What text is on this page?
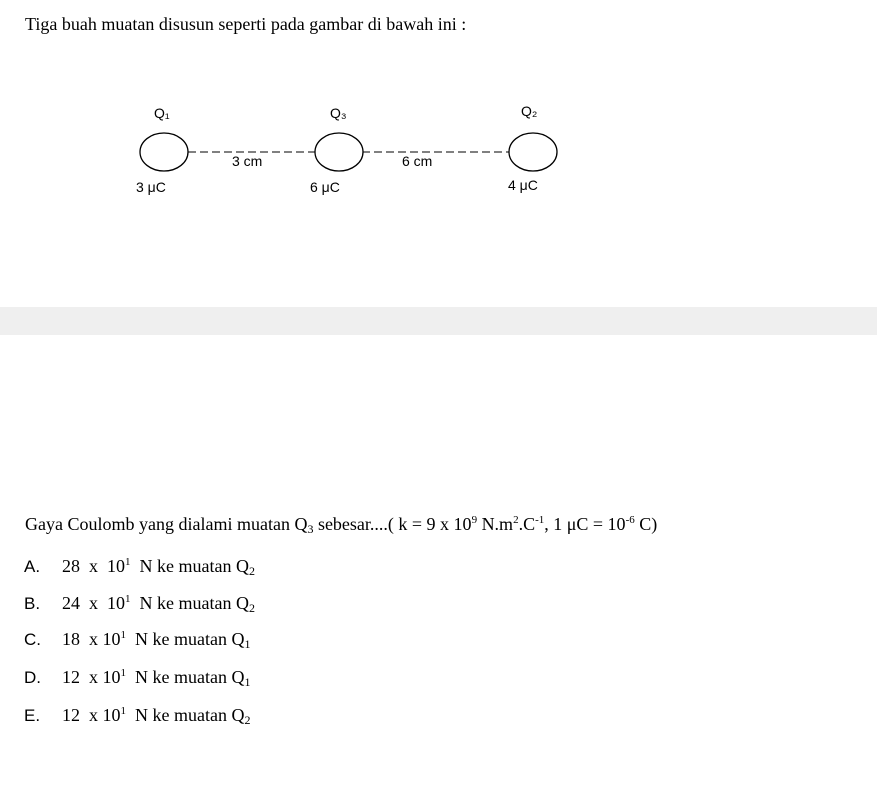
Tiga buah muatan disusun seperti pada gambar di bawah ini :
Q₁	Q₃	Q₂
3 cm	6 cm
3 μC	6 μC	4 μC
Gaya Coulomb yang dialami muatan $Q_3$ sebesar....( k = 9 x $10^9$ $N.m^2.C^{-1}$, 1 $\mu C = 10^{-6}$ C)
A. 28  x  $10^1$  N ke muatan $Q_2$
B. 24  x  $10^1$  N ke muatan $Q_2$
C. 18  x $10^1$  N ke muatan $Q_1$
D. 12  x $10^1$  N ke muatan $Q_1$
E. 12  x $10^1$  N ke muatan $Q_2$
